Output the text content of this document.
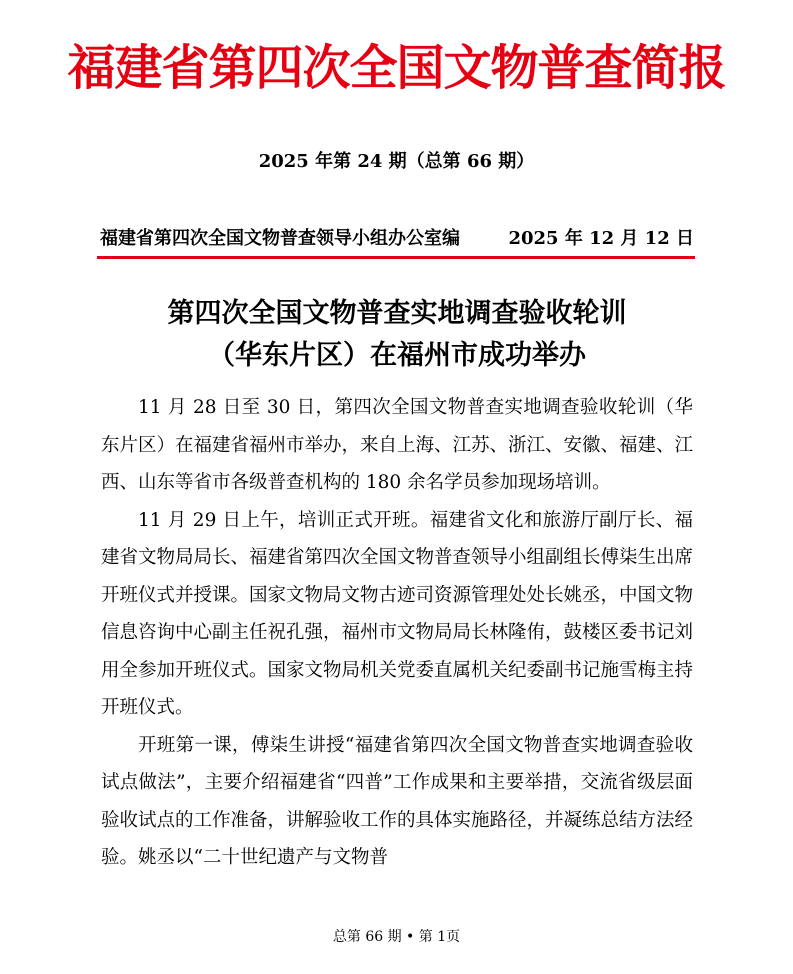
福建省第四次全国文物普查简报
2025 年第 24 期（总第 66 期）
福建省第四次全国文物普查领导小组办公室编	2025 年 12 月 12 日
第四次全国文物普查实地调查验收轮训
（华东片区）在福州市成功举办

11 月 28 日至 30 日，第四次全国文物普查实地调查验收轮训（华东片区）在福建省福州市举办，来自上海、江苏、浙江、安徽、福建、江西、山东等省市各级普查机构的 180 余名学员参加现场培训。

11 月 29 日上午，培训正式开班。福建省文化和旅游厅副厅长、福建省文物局局长、福建省第四次全国文物普查领导小组副组长傅柒生出席开班仪式并授课。国家文物局文物古迹司资源管理处处长姚丞，中国文物信息咨询中心副主任祝孔强，福州市文物局局长林隆侑，鼓楼区委书记刘用全参加开班仪式。国家文物局机关党委直属机关纪委副书记施雪梅主持开班仪式。

开班第一课，傅柒生讲授“福建省第四次全国文物普查实地调查验收试点做法”，主要介绍福建省“四普”工作成果和主要举措，交流省级层面验收试点的工作准备，讲解验收工作的具体实施路径，并凝练总结方法经验。姚丞以“二十世纪遗产与文物普

总第 66 期 • 第 1页
